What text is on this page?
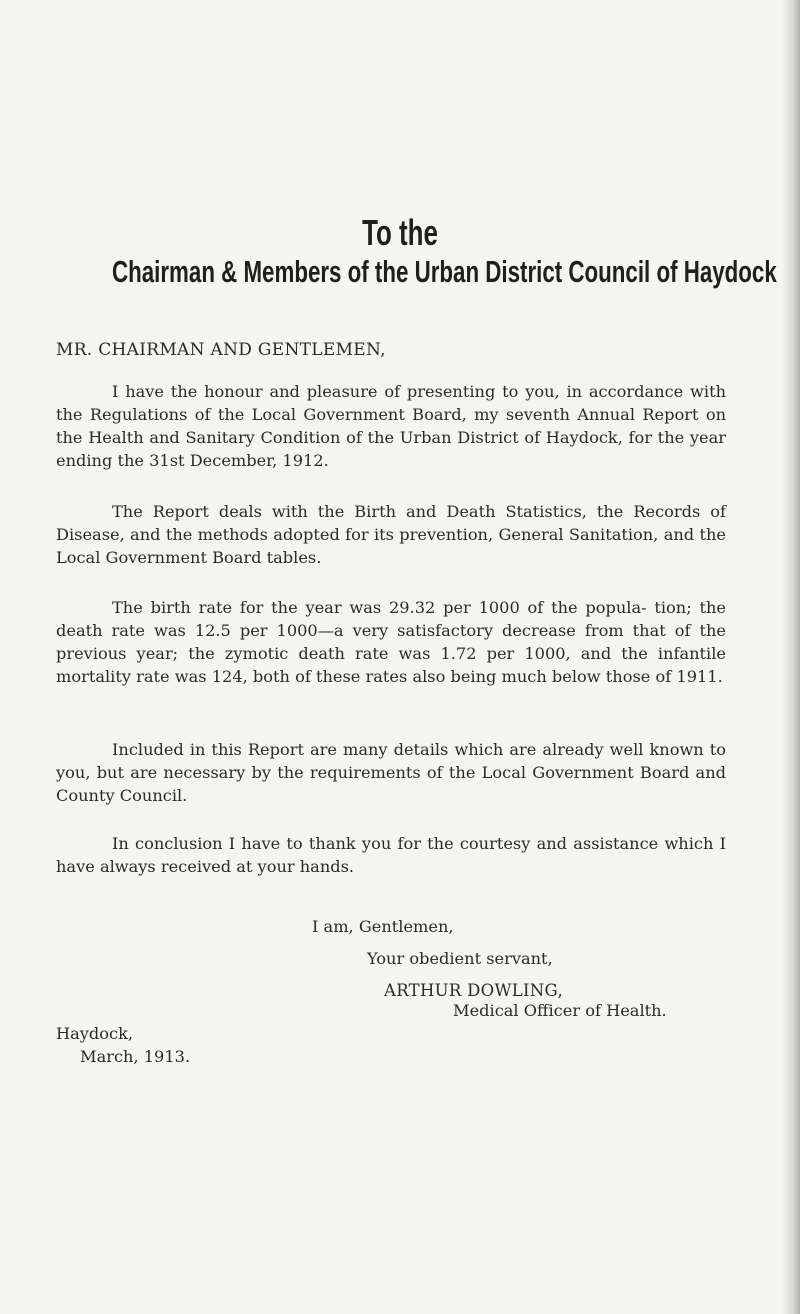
To the
Chairman & Members of the Urban District Council of Haydock

MR. CHAIRMAN AND GENTLEMEN,

I have the honour and pleasure of presenting to you, in accordance with the Regulations of the Local Government Board, my seventh Annual Report on the Health and Sanitary Condition of the Urban District of Haydock, for the year ending the 31st December, 1912.

The Report deals with the Birth and Death Statistics, the Records of Disease, and the methods adopted for its prevention, General Sanitation, and the Local Government Board tables.

The birth rate for the year was 29.32 per 1000 of the popula- tion; the death rate was 12.5 per 1000—a very satisfactory decrease from that of the previous year; the zymotic death rate was 1.72 per 1000, and the infantile mortality rate was 124, both of these rates also being much below those of 1911.

Included in this Report are many details which are already well known to you, but are necessary by the requirements of the Local Government Board and County Council.

In conclusion I have to thank you for the courtesy and assistance which I have always received at your hands.

I am, Gentlemen,

Your obedient servant,

ARTHUR DOWLING,

Medical Officer of Health.

Haydock,

March, 1913.
